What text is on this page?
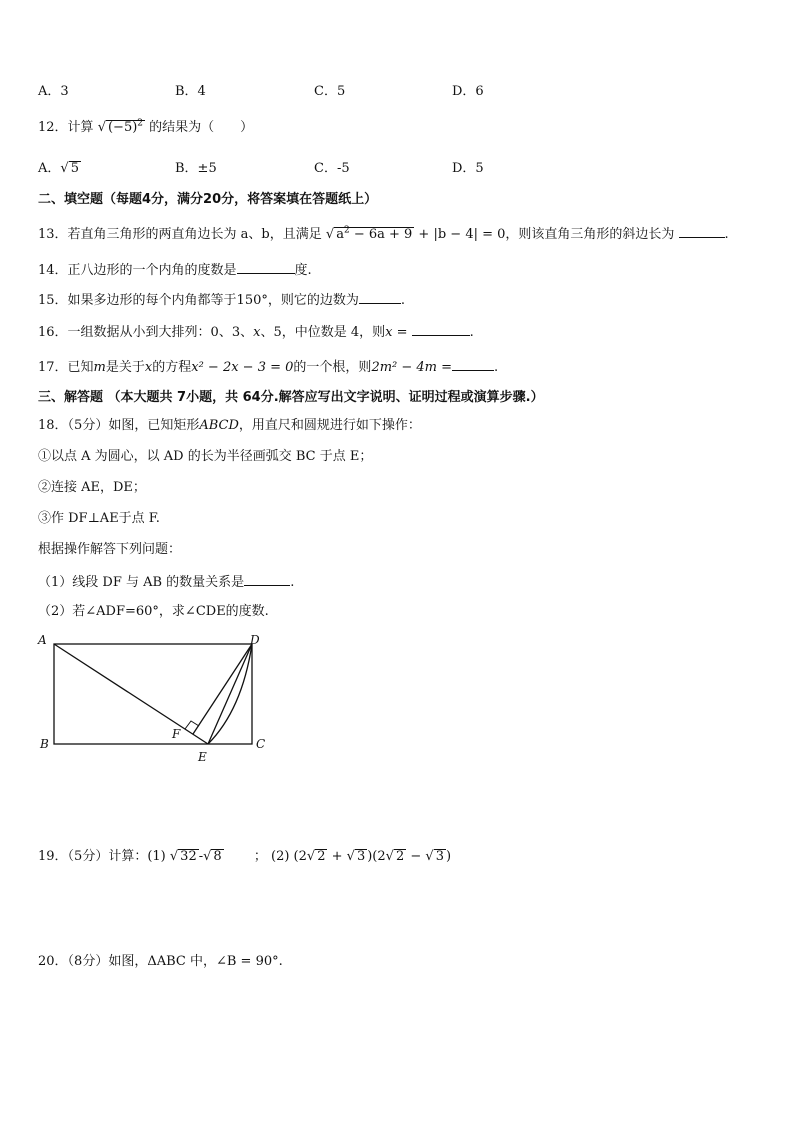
A．3	B．4	C．5	D．6
12．计算 √ $(-5)^2$ 的结果为（　　）
A．√ 5	B．±5	C．-5	D．5
二、填空题（每题4分，满分20分，将答案填在答题纸上）
13．若直角三角形的两直角边长为 a、b，且满足 √ $a^2 - 6a + 9 + |b - 4| = 0$，则该直角三角形的斜边长为	.
14．正八边形的一个内角的度数是	度.
15．如果多边形的每个内角都等于150°，则它的边数为	.
16．一组数据从小到大排列：0、3、x、5，中位数是 4，则x =	.
17．已知m是关于x的方程x² − 2x − 3 = 0的一个根，则2m² − 4m =	.
三、解答题 （本大题共 7小题，共 64分.解答应写出文字说明、证明过程或演算步骤.）
18．（5分）如图，已知矩形ABCD，用直尺和圆规进行如下操作：
①以点 A 为圆心，以 AD 的长为半径画弧交 BC 于点 E；
②连接 AE，DE；
③作 DF⊥AE于点 F.
根据操作解答下列问题：
（1）线段 DF 与 AB 的数量关系是	.
（2）若∠ADF=60°，求∠CDE的度数.
A	D
B	C
F
E
19．（5分）计算：(1) √ 32 -√ 8 ； (2) (2√ 2 + √ 3 )(2√ 2 − √ 3 )
20．（8分）如图，ΔABC 中，∠B = 90°.
